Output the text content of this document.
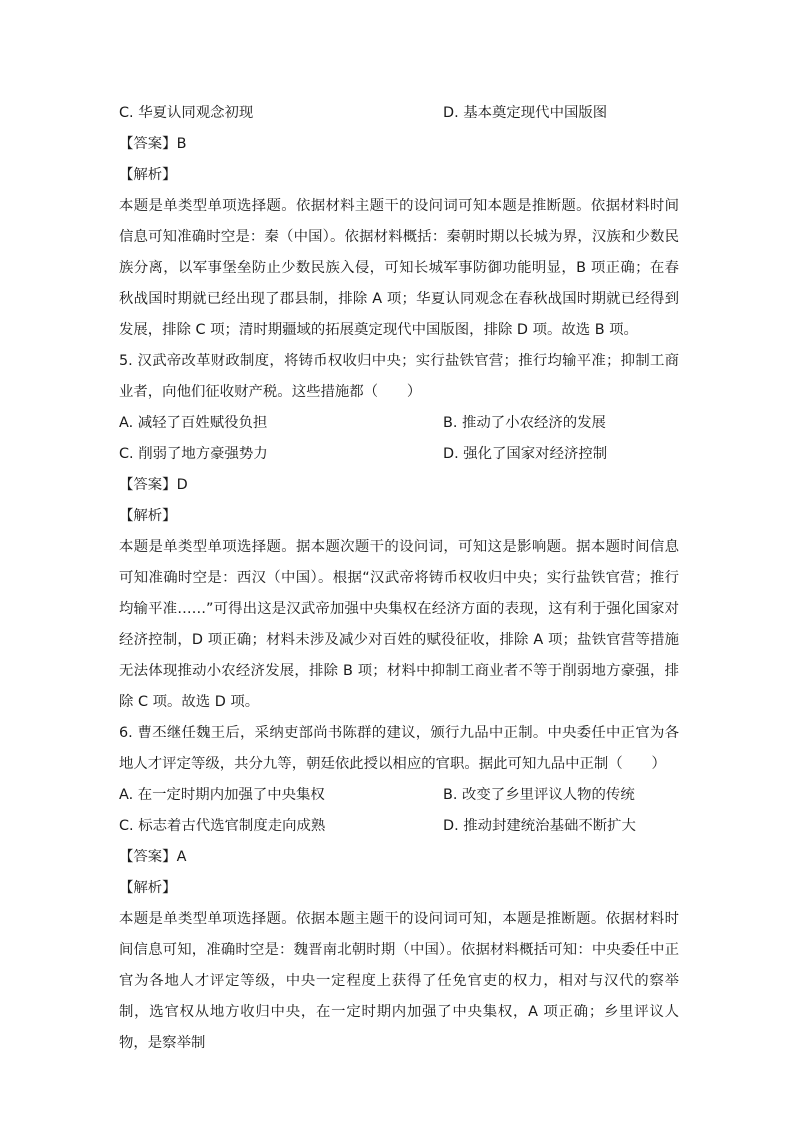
C. 华夏认同观念初现	D. 基本奠定现代中国版图
【答案】B
【解析】

本题是单类型单项选择题。依据材料主题干的设问词可知本题是推断题。依据材料时间信息可知准确时空是：秦（中国）。依据材料概括：秦朝时期以长城为界，汉族和少数民族分离，以军事堡垒防止少数民族入侵，可知长城军事防御功能明显，B 项正确；在春秋战国时期就已经出现了郡县制，排除 A 项；华夏认同观念在春秋战国时期就已经得到发展，排除 C 项；清时期疆域的拓展奠定现代中国版图，排除 D 项。故选 B 项。

5. 汉武帝改革财政制度，将铸币权收归中央；实行盐铁官营；推行均输平准；抑制工商业者，向他们征收财产税。这些措施都（　　）

A. 减轻了百姓赋役负担	B. 推动了小农经济的发展
C. 削弱了地方豪强势力	D. 强化了国家对经济控制
【答案】D
【解析】

本题是单类型单项选择题。据本题次题干的设问词，可知这是影响题。据本题时间信息可知准确时空是：西汉（中国）。根据“汉武帝将铸币权收归中央；实行盐铁官营；推行均输平准……”可得出这是汉武帝加强中央集权在经济方面的表现，这有利于强化国家对经济控制，D 项正确；材料未涉及减少对百姓的赋役征收，排除 A 项；盐铁官营等措施无法体现推动小农经济发展，排除 B 项；材料中抑制工商业者不等于削弱地方豪强，排除 C 项。故选 D 项。

6. 曹丕继任魏王后，采纳吏部尚书陈群的建议，颁行九品中正制。中央委任中正官为各地人才评定等级，共分九等，朝廷依此授以相应的官职。据此可知九品中正制（　　）

A. 在一定时期内加强了中央集权	B. 改变了乡里评议人物的传统
C. 标志着古代选官制度走向成熟	D. 推动封建统治基础不断扩大
【答案】A
【解析】

本题是单类型单项选择题。依据本题主题干的设问词可知，本题是推断题。依据材料时间信息可知，准确时空是：魏晋南北朝时期（中国）。依据材料概括可知：中央委任中正官为各地人才评定等级，中央一定程度上获得了任免官吏的权力，相对与汉代的察举制，选官权从地方收归中央，在一定时期内加强了中央集权，A 项正确；乡里评议人物，是察举制
